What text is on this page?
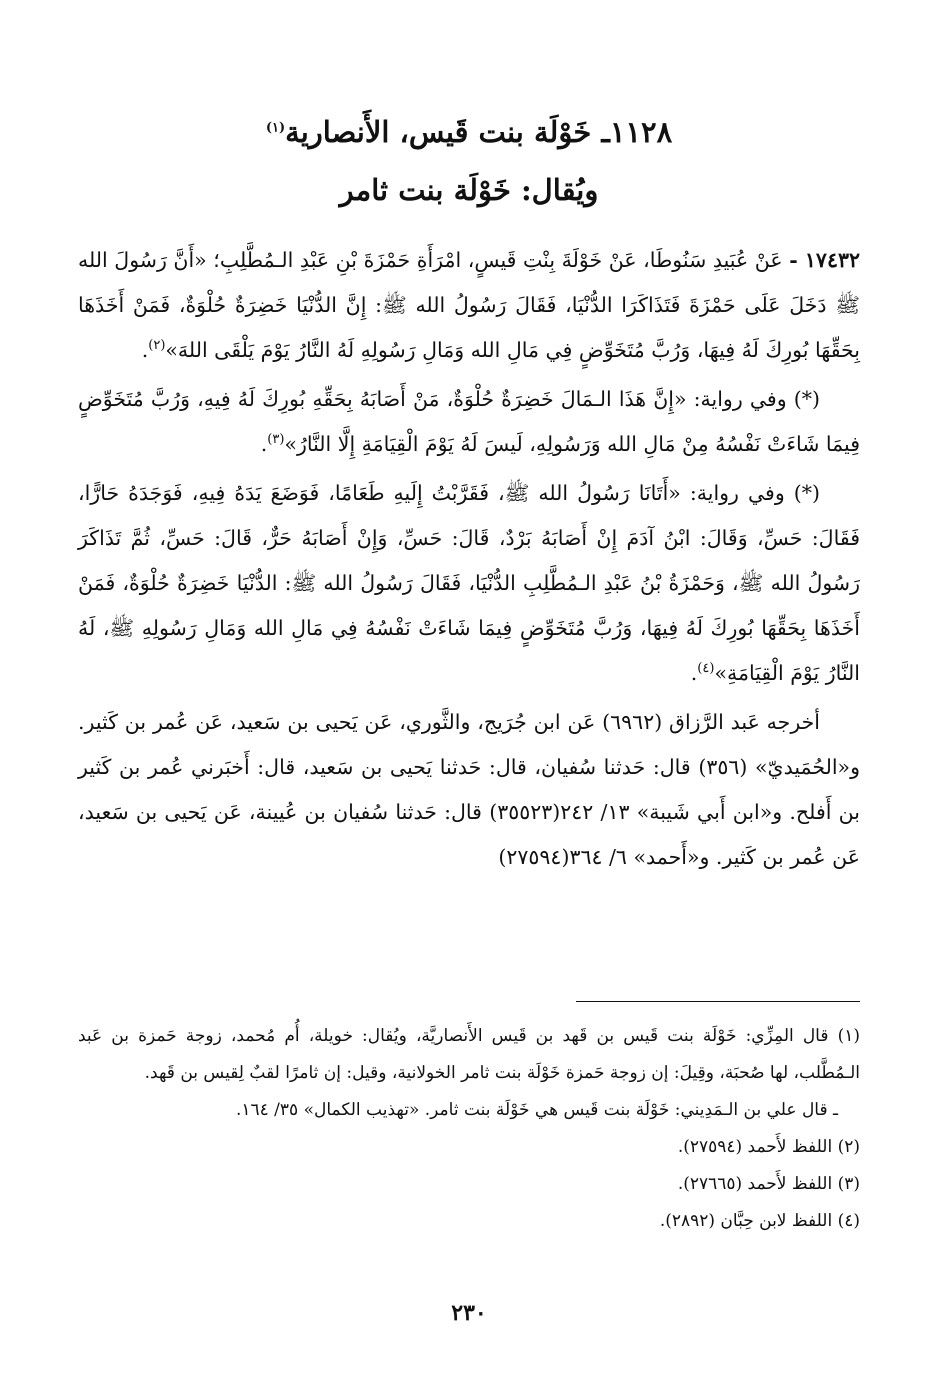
١١٢٨ـ خَوْلَة بنت قَيس، الأَنصارية$^{(١)}$
ويُقال: خَوْلَة بنت ثامر

١٧٤٣٢ - عَنْ عُبَيدِ سَنُوطَا، عَنْ خَوْلَةَ بِنْتِ قَيسٍ، امْرَأَةِ حَمْزَةَ بْنِ عَبْدِ الـمُطَّلِبِ؛ «أَنَّ رَسُولَ الله ﷺ دَخَلَ عَلَى حَمْزَةَ فَتَذَاكَرَا الدُّنْيَا، فَقَالَ رَسُولُ الله ﷺ: إِنَّ الدُّنْيَا خَضِرَةٌ حُلْوَةٌ، فَمَنْ أَخَذَهَا بِحَقِّهَا بُورِكَ لَهُ فِيهَا، وَرُبَّ مُتَخَوِّضٍ فِي مَالِ الله وَمَالِ رَسُولِهِ لَهُ النَّارُ يَوْمَ يَلْقَى اللهَ»$^{(٢)}$.

(*) وفي رواية: «إِنَّ هَذَا الـمَالَ خَضِرَةٌ حُلْوَةٌ، مَنْ أَصَابَهُ بِحَقِّهِ بُورِكَ لَهُ فِيهِ، وَرُبَّ مُتَخَوِّضٍ فِيمَا شَاءَتْ نَفْسُهُ مِنْ مَالِ الله وَرَسُولِهِ، لَيسَ لَهُ يَوْمَ الْقِيَامَةِ إِلَّا النَّارُ»$^{(٣)}$.

(*) وفي رواية: «أَتَانَا رَسُولُ الله ﷺ، فَقَرَّبْتُ إِلَيهِ طَعَامًا، فَوَضَعَ يَدَهُ فِيهِ، فَوَجَدَهُ حَارًّا، فَقَالَ: حَسِّ، وَقَالَ: ابْنُ آدَمَ إِنْ أَصَابَهُ بَرْدٌ، قَالَ: حَسِّ، وَإِنْ أَصَابَهُ حَرٌّ، قَالَ: حَسِّ، ثُمَّ تَذَاكَرَ رَسُولُ الله ﷺ، وَحَمْزَةُ بْنُ عَبْدِ الـمُطَّلِبِ الدُّنْيَا، فَقَالَ رَسُولُ الله ﷺ: الدُّنْيَا خَضِرَةٌ حُلْوَةٌ، فَمَنْ أَخَذَهَا بِحَقِّهَا بُورِكَ لَهُ فِيهَا، وَرُبَّ مُتَخَوِّضٍ فِيمَا شَاءَتْ نَفْسُهُ فِي مَالِ الله وَمَالِ رَسُولِهِ ﷺ، لَهُ النَّارُ يَوْمَ الْقِيَامَةِ»$^{(٤)}$.

أخرجه عَبد الرَّزاق (٦٩٦٢) عَن ابن جُرَيج، والثَّوري، عَن يَحيى بن سَعيد، عَن عُمر بن كَثير. و«الحُمَيديّ» (٣٥٦) قال: حَدثنا سُفيان، قال: حَدثنا يَحيى بن سَعيد، قال: أَخبَرني عُمر بن كَثير بن أَفلح. و«ابن أَبي شَيبة» ١٣/ ٢٤٢(٣٥٥٢٣) قال: حَدثنا سُفيان بن عُيينة، عَن يَحيى بن سَعيد، عَن عُمر بن كَثير. و«أَحمد» ٦/ ٣٦٤(٢٧٥٩٤)

(١) قال المِزِّي: خَوْلَة بنت قَيس بن قَهد بن قَيس الأَنصاريَّة، ويُقال: خويلة، أُم مُحمد، زوجة حَمزة بن عَبد الـمُطَّلب، لها صُحبَة، وقِيلَ: إن زوجة حَمزة خَوْلَة بنت ثامر الخولانية، وقيل: إن ثامرًا لقبٌ لِقيس بن قَهد.

ـ قال علي بن الـمَدِيني: خَوْلَة بنت قَيس هي خَوْلَة بنت ثامر. «تهذيب الكمال» ٣٥/ ١٦٤.

(٢) اللفظ لأَحمد (٢٧٥٩٤).

(٣) اللفظ لأَحمد (٢٧٦٦٥).

(٤) اللفظ لابن حِبَّان (٢٨٩٢).

٢٣٠
